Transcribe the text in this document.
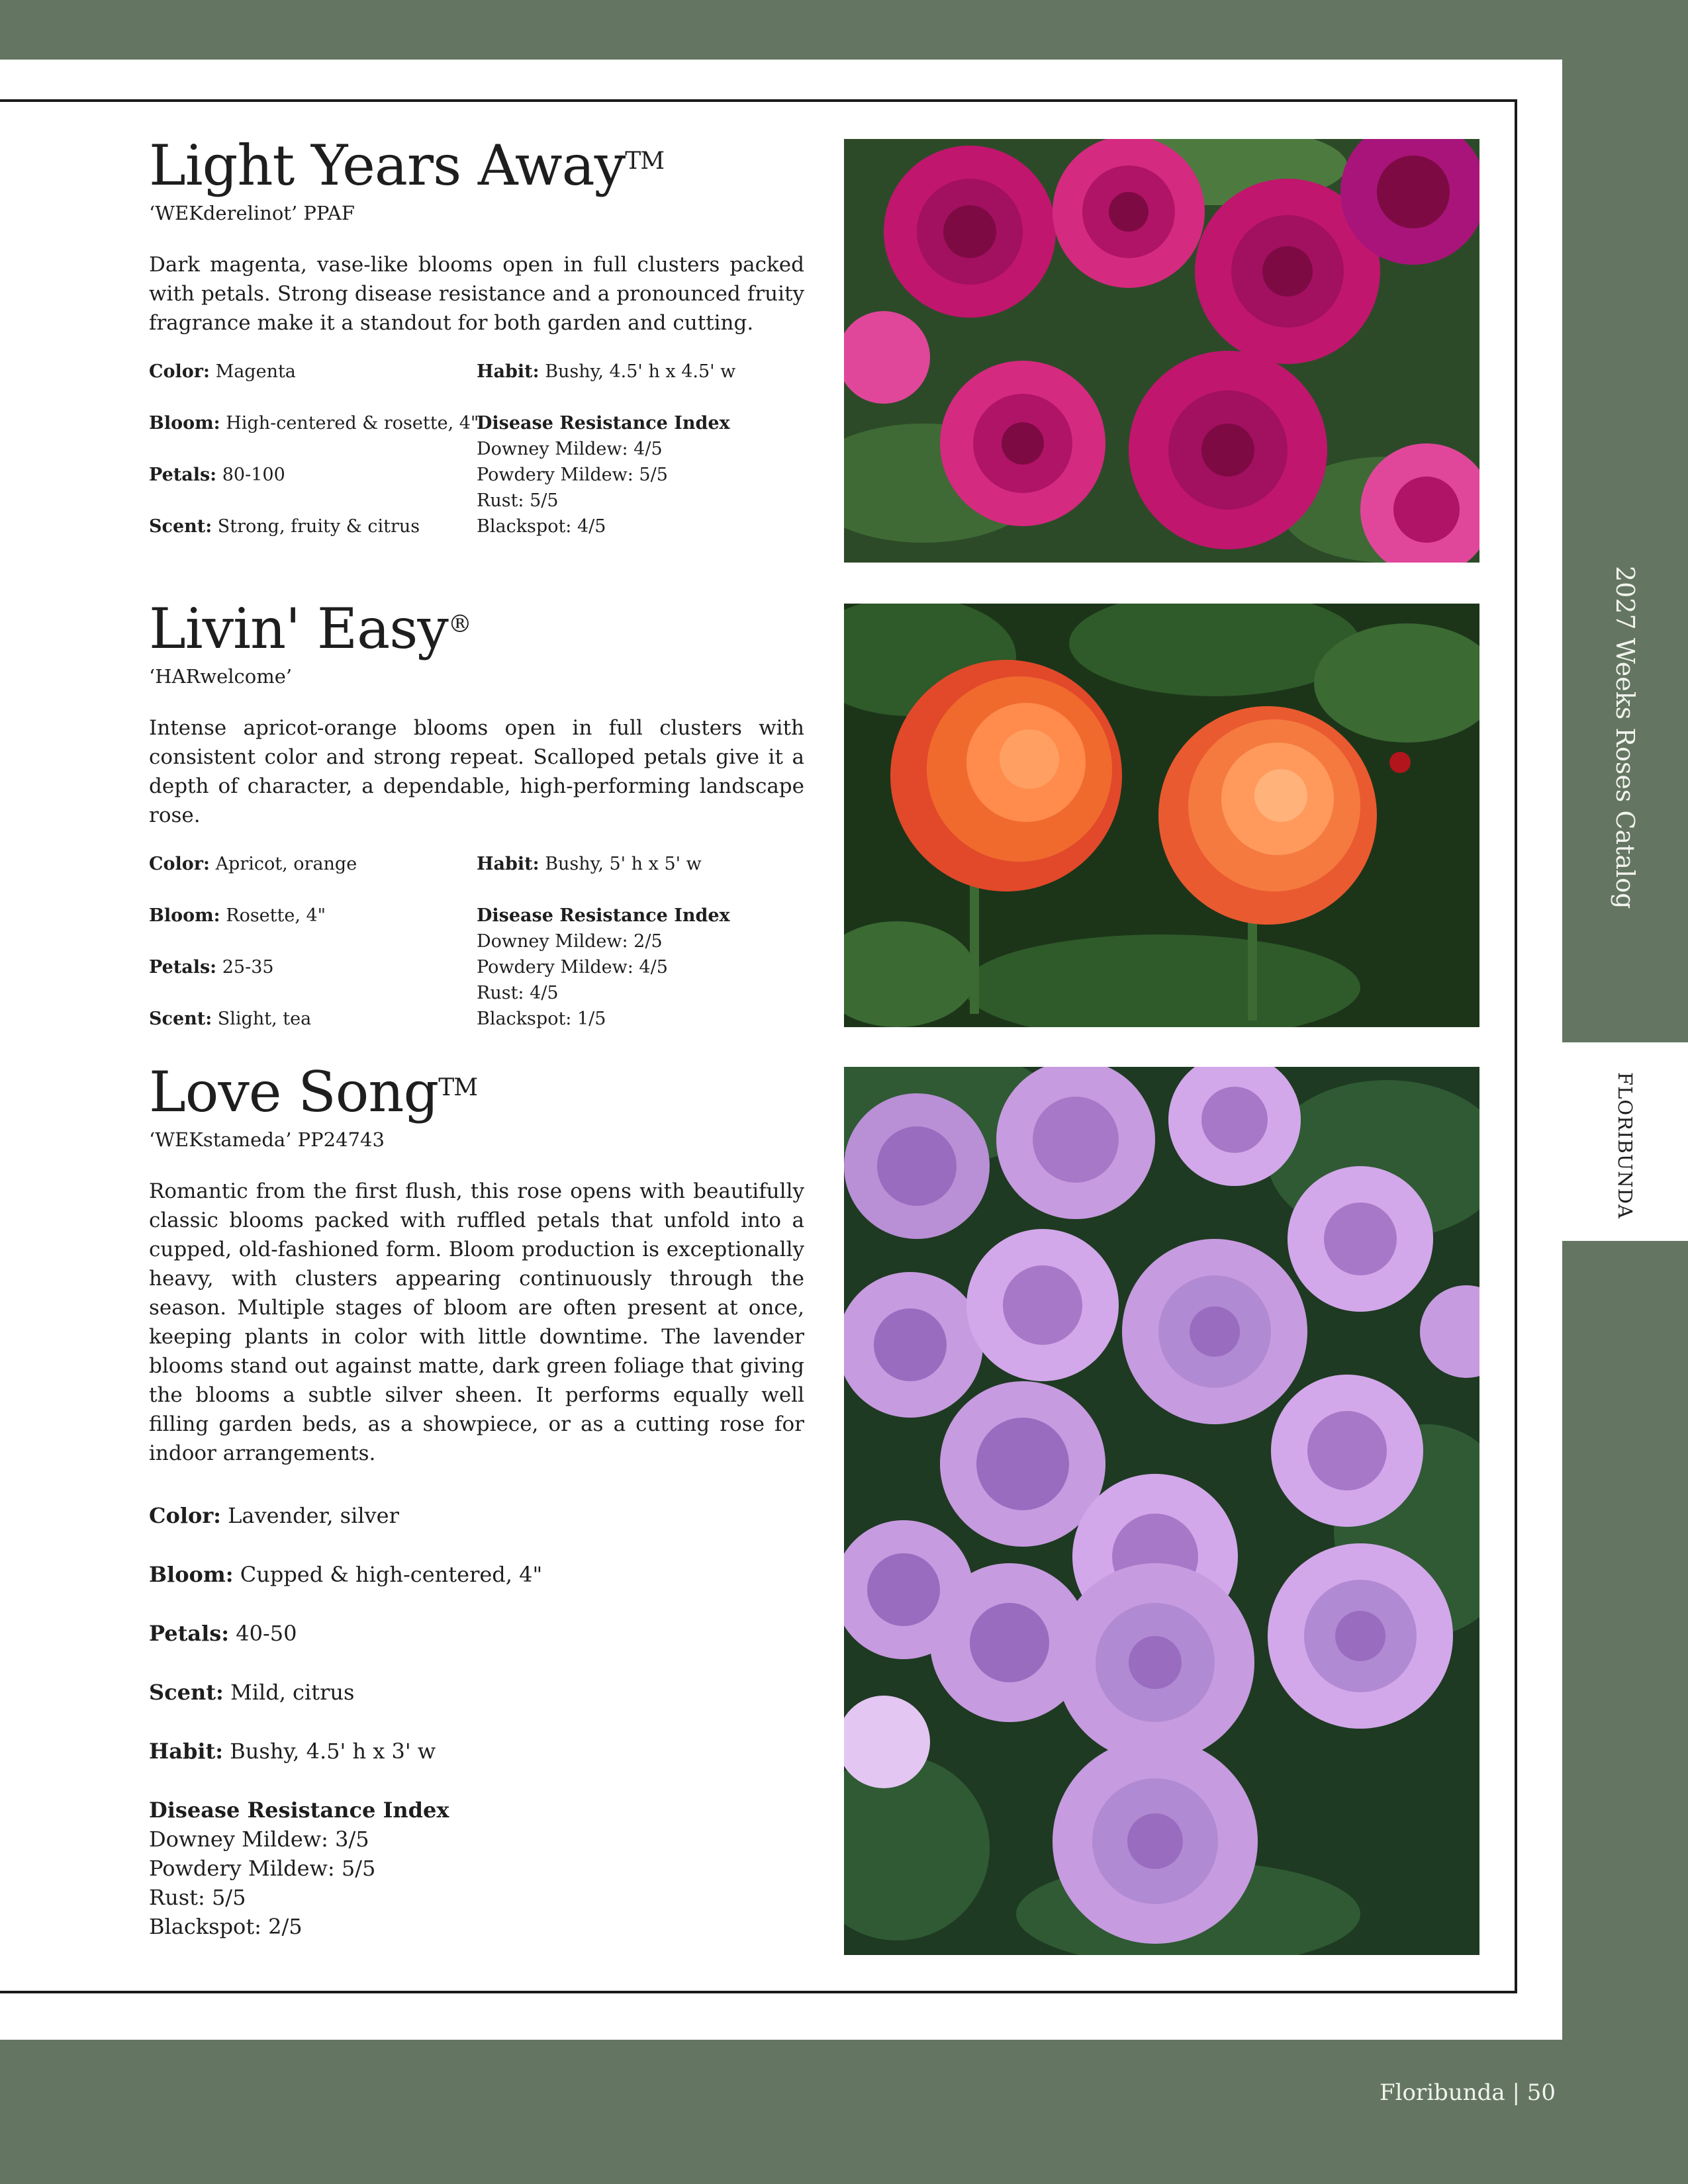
2027 Weeks Roses Catalog
FLORIBUNDA
Light Years Away™
‘WEKderelinot’ PPAF
Dark magenta, vase-like blooms open in full clusters packed with petals. Strong disease resistance and a pronounced fruity fragrance make it a standout for both garden and cutting.
Color: Magenta
Bloom: High-centered & rosette, 4"
Petals: 80-100
Scent: Strong, fruity & citrus
Habit: Bushy, 4.5' h x 4.5' w
Disease Resistance Index
Downey Mildew: 4/5
Powdery Mildew: 5/5
Rust: 5/5
Blackspot: 4/5
Livin' Easy®
‘HARwelcome’
Intense apricot-orange blooms open in full clusters with consistent color and strong repeat. Scalloped petals give it a depth of character, a dependable, high-performing landscape rose.
Color: Apricot, orange
Bloom: Rosette, 4"
Petals: 25-35
Scent: Slight, tea
Habit: Bushy, 5' h x 5' w
Disease Resistance Index
Downey Mildew: 2/5
Powdery Mildew: 4/5
Rust: 4/5
Blackspot: 1/5
Love Song™
‘WEKstameda’ PP24743
Romantic from the first flush, this rose opens with beautifully classic blooms packed with ruffled petals that unfold into a cupped, old-fashioned form. Bloom production is exceptionally heavy, with clusters appearing continuously through the season. Multiple stages of bloom are often present at once, keeping plants in color with little downtime. The lavender blooms stand out against matte, dark green foliage that giving the blooms a subtle silver sheen. It performs equally well filling garden beds, as a showpiece, or as a cutting rose for indoor arrangements.
Color: Lavender, silver
Bloom: Cupped & high-centered, 4"
Petals: 40-50
Scent: Mild, citrus
Habit: Bushy, 4.5' h x 3' w
Disease Resistance Index
Downey Mildew: 3/5
Powdery Mildew: 5/5
Rust: 5/5
Blackspot: 2/5
Floribunda | 50
